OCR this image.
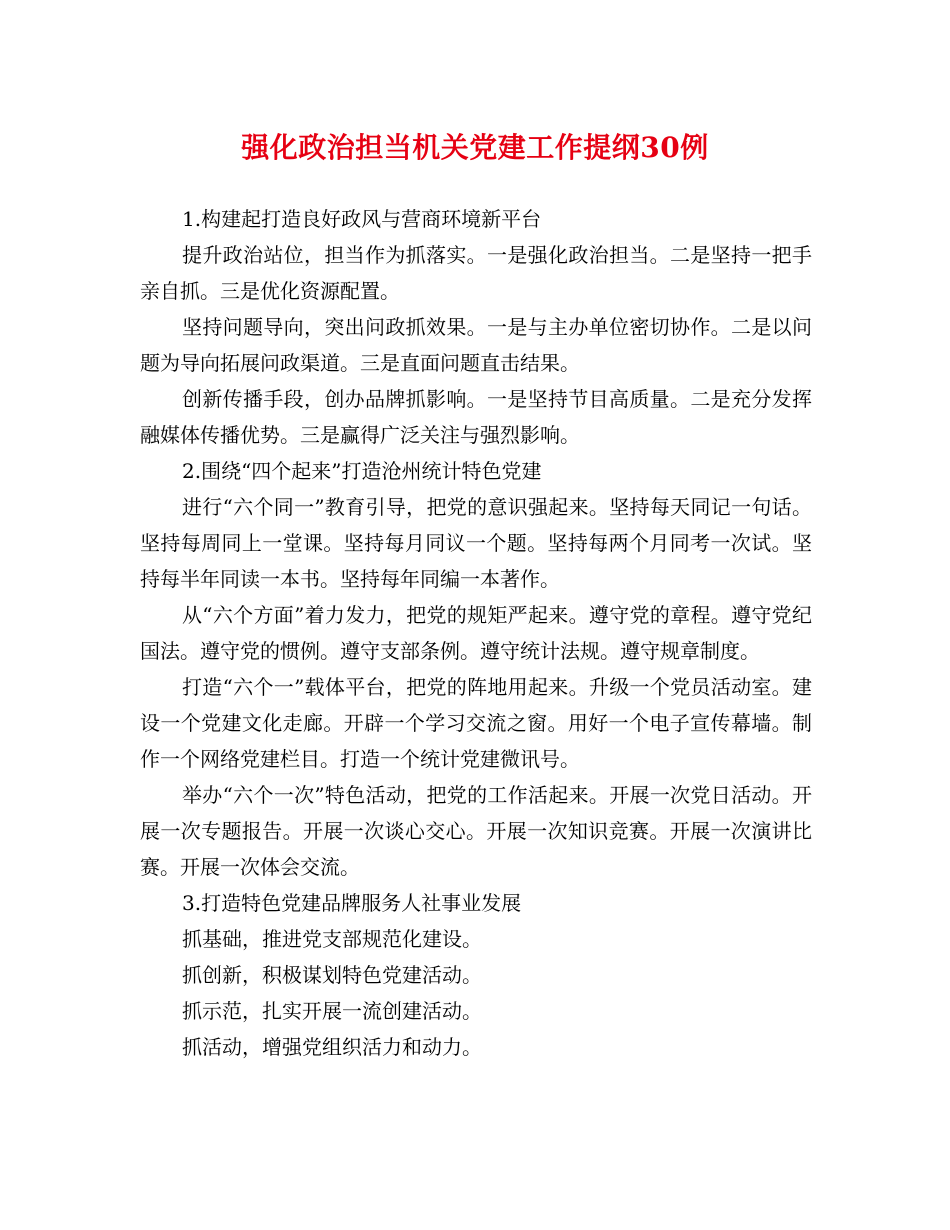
强化政治担当机关党建工作提纲30例

1.构建起打造良好政风与营商环境新平台

提升政治站位，担当作为抓落实。一是强化政治担当。二是坚持一把手亲自抓。三是优化资源配置。

坚持问题导向，突出问政抓效果。一是与主办单位密切协作。二是以问题为导向拓展问政渠道。三是直面问题直击结果。

创新传播手段，创办品牌抓影响。一是坚持节目高质量。二是充分发挥融媒体传播优势。三是赢得广泛关注与强烈影响。

2.围绕“四个起来”打造沧州统计特色党建

进行“六个同一”教育引导，把党的意识强起来。坚持每天同记一句话。坚持每周同上一堂课。坚持每月同议一个题。坚持每两个月同考一次试。坚持每半年同读一本书。坚持每年同编一本著作。

从“六个方面”着力发力，把党的规矩严起来。遵守党的章程。遵守党纪国法。遵守党的惯例。遵守支部条例。遵守统计法规。遵守规章制度。

打造“六个一”载体平台，把党的阵地用起来。升级一个党员活动室。建设一个党建文化走廊。开辟一个学习交流之窗。用好一个电子宣传幕墙。制作一个网络党建栏目。打造一个统计党建微讯号。

举办“六个一次”特色活动，把党的工作活起来。开展一次党日活动。开展一次专题报告。开展一次谈心交心。开展一次知识竞赛。开展一次演讲比赛。开展一次体会交流。

3.打造特色党建品牌服务人社事业发展

抓基础，推进党支部规范化建设。

抓创新，积极谋划特色党建活动。

抓示范，扎实开展一流创建活动。

抓活动，增强党组织活力和动力。
